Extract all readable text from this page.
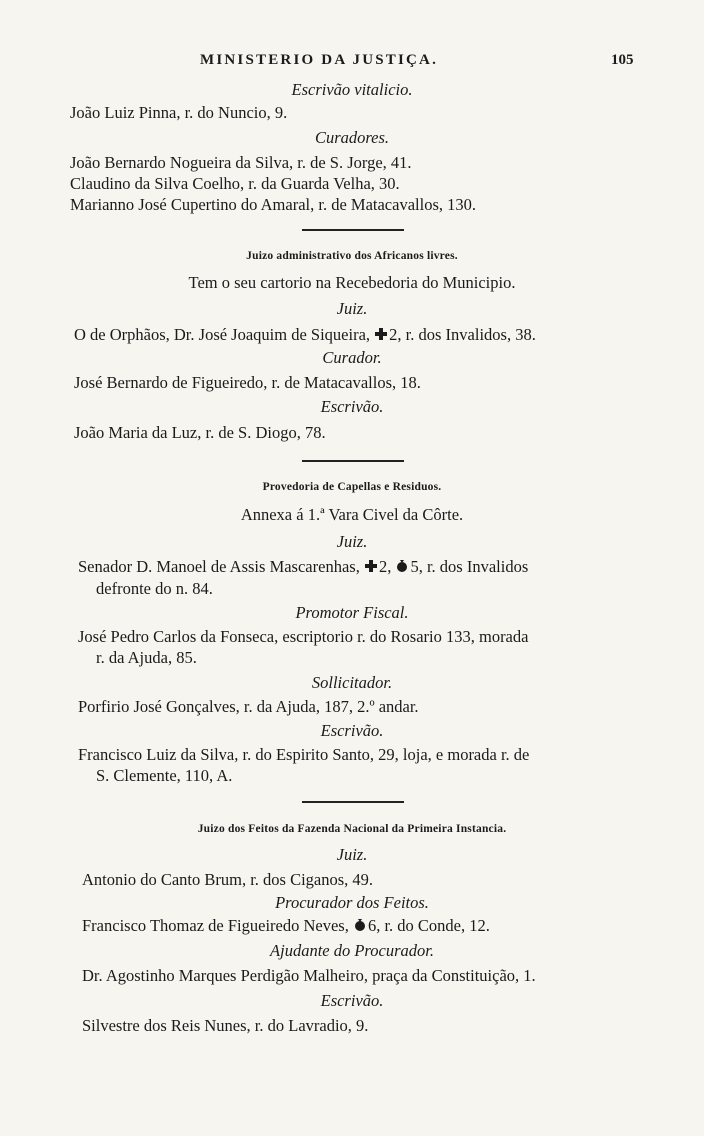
MINISTERIO DA JUSTIÇA.	105
Escrivão vitalicio.
João Luiz Pinna, r. do Nuncio, 9.
Curadores.
João Bernardo Nogueira da Silva, r. de S. Jorge, 41.
Claudino da Silva Coelho, r. da Guarda Velha, 30.
Marianno José Cupertino do Amaral, r. de Matacavallos, 130.
Juizo administrativo dos Africanos livres.
Tem o seu cartorio na Recebedoria do Municipio.
Juiz.
O de Orphãos, Dr. José Joaquim de Siqueira, 2, r. dos Invalidos, 38.
Curador.
José Bernardo de Figueiredo, r. de Matacavallos, 18.
Escrivão.
João Maria da Luz, r. de S. Diogo, 78.
Provedoria de Capellas e Residuos.
Annexa á 1.ª Vara Civel da Côrte.
Juiz.
Senador D. Manoel de Assis Mascarenhas, 2, 5, r. dos Invalidos
defronte do n. 84.
Promotor Fiscal.
José Pedro Carlos da Fonseca, escriptorio r. do Rosario 133, morada
r. da Ajuda, 85.
Sollicitador.
Porfirio José Gonçalves, r. da Ajuda, 187, 2.º andar.
Escrivão.
Francisco Luiz da Silva, r. do Espirito Santo, 29, loja, e morada r. de
S. Clemente, 110, A.
Juizo dos Feitos da Fazenda Nacional da Primeira Instancia.
Juiz.
Antonio do Canto Brum, r. dos Ciganos, 49.
Procurador dos Feitos.
Francisco Thomaz de Figueiredo Neves, 6, r. do Conde, 12.
Ajudante do Procurador.
Dr. Agostinho Marques Perdigão Malheiro, praça da Constituição, 1.
Escrivão.
Silvestre dos Reis Nunes, r. do Lavradio, 9.
